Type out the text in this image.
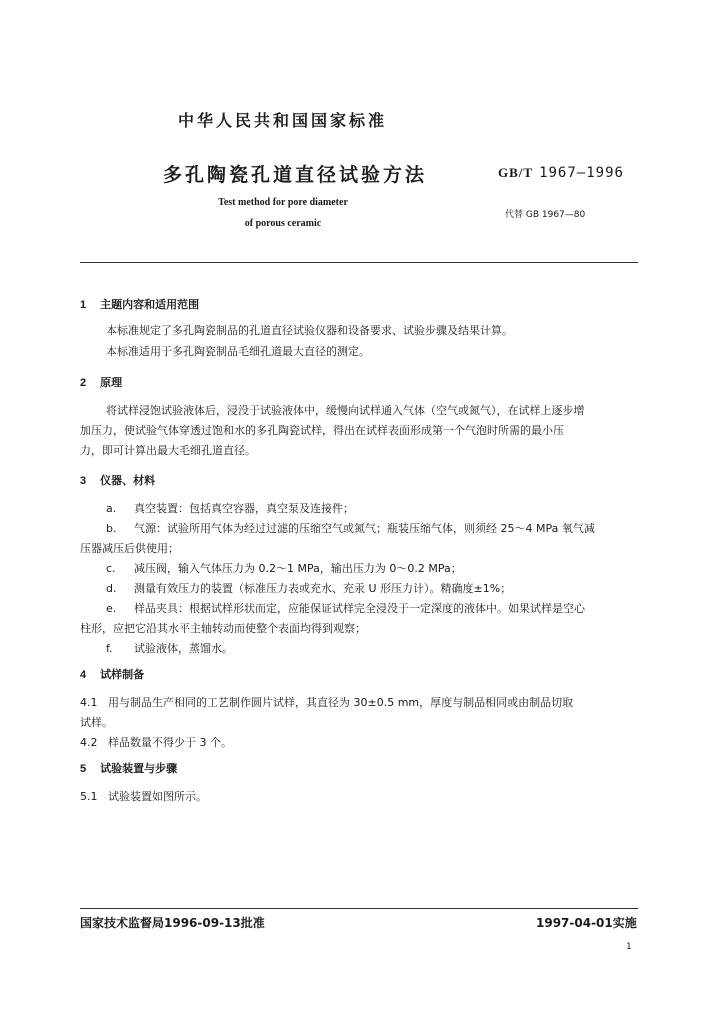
中华人民共和国国家标准
多孔陶瓷孔道直径试验方法	GB/T 1967—1996
Test method for pore diameter
of porous ceramic
代替 GB 1967—80
1 主题内容和适用范围
本标准规定了多孔陶瓷制品的孔道直径试验仪器和设备要求、试验步骤及结果计算。
本标准适用于多孔陶瓷制品毛细孔道最大直径的测定。
2 原理
将试样浸饱试验液体后，浸没于试验液体中，缓慢向试样通入气体（空气或氮气），在试样上逐步增
加压力，使试验气体穿透过饱和水的多孔陶瓷试样，得出在试样表面形成第一个气泡时所需的最小压
力，即可计算出最大毛细孔道直径。
3 仪器、材料
a. 真空装置：包括真空容器，真空泵及连接件；
b. 气源：试验所用气体为经过过滤的压缩空气或氮气；瓶装压缩气体，则须经 25～4 MPa 氧气减
压器减压后供使用；
c. 减压阀，输入气体压力为 0.2～1 MPa，输出压力为 0～0.2 MPa；
d. 测量有效压力的装置（标准压力表或充水、充汞 U 形压力计）。精确度±1%；
e. 样品夹具：根据试样形状而定，应能保证试样完全浸没于一定深度的液体中。如果试样是空心
柱形，应把它沿其水平主轴转动而使整个表面均得到观察；
f. 试验液体，蒸馏水。
4 试样制备
4.1 用与制品生产相同的工艺制作圆片试样，其直径为 30±0.5 mm，厚度与制品相同或由制品切取
试样。
4.2 样品数量不得少于 3 个。
5 试验装置与步骤
5.1 试验装置如图所示。
国家技术监督局1996-09-13批准	1997-04-01实施
1
